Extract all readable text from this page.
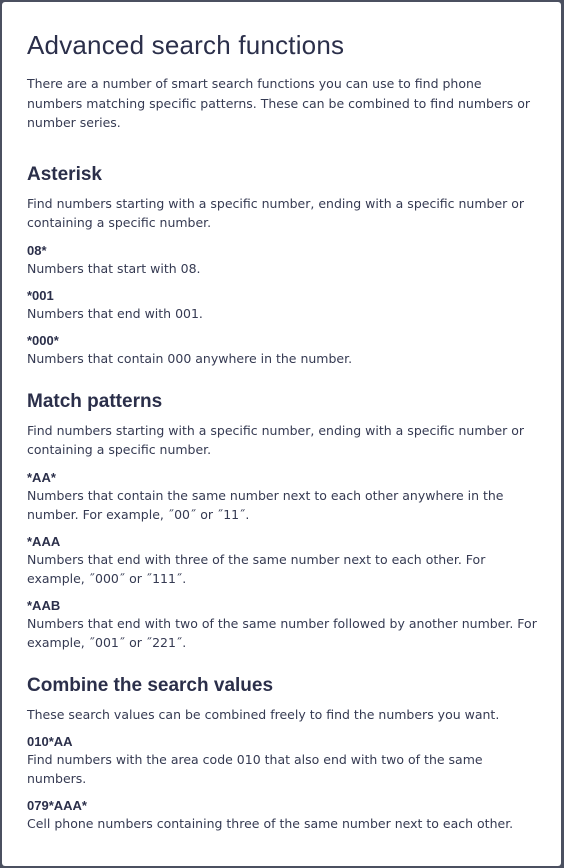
Advanced search functions

There are a number of smart search functions you can use to find phone numbers matching specific patterns. These can be combined to find numbers or number series.

Asterisk

Find numbers starting with a specific number, ending with a specific number or containing a specific number.

08*
Numbers that start with 08.
*001
Numbers that end with 001.
*000*
Numbers that contain 000 anywhere in the number.
Match patterns

Find numbers starting with a specific number, ending with a specific number or containing a specific number.

*AA*
Numbers that contain the same number next to each other anywhere in the number. For example, ˝00˝ or ˝11˝.
*AAA
Numbers that end with three of the same number next to each other. For example, ˝000˝ or ˝111˝.
*AAB
Numbers that end with two of the same number followed by another number. For example, ˝001˝ or ˝221˝.
Combine the search values

These search values can be combined freely to find the numbers you want.

010*AA
Find numbers with the area code 010 that also end with two of the same numbers.
079*AAA*
Cell phone numbers containing three of the same number next to each other.
